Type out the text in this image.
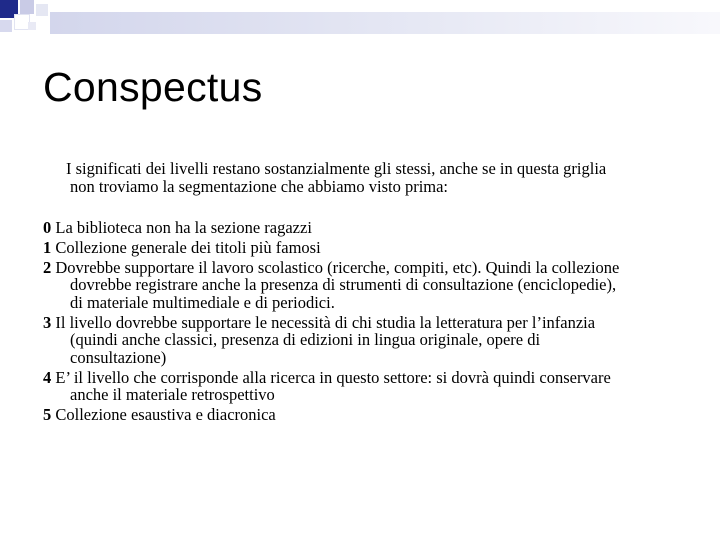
Conspectus
I significati dei livelli restano sostanzialmente gli stessi, anche se in questa griglia
non troviamo la segmentazione che abbiamo visto prima:
0 La biblioteca non ha la sezione ragazzi
1 Collezione generale dei titoli più famosi
2 Dovrebbe supportare il lavoro scolastico (ricerche, compiti, etc). Quindi la collezione
dovrebbe registrare anche la presenza di strumenti di consultazione (enciclopedie),
di materiale multimediale e di periodici.
3 Il livello dovrebbe supportare le necessità di chi studia la letteratura per l’infanzia
(quindi anche classici, presenza di edizioni in lingua originale, opere di
consultazione)
4 E’ il livello che corrisponde alla ricerca in questo settore: si dovrà quindi conservare
anche il materiale retrospettivo
5 Collezione esaustiva e diacronica
